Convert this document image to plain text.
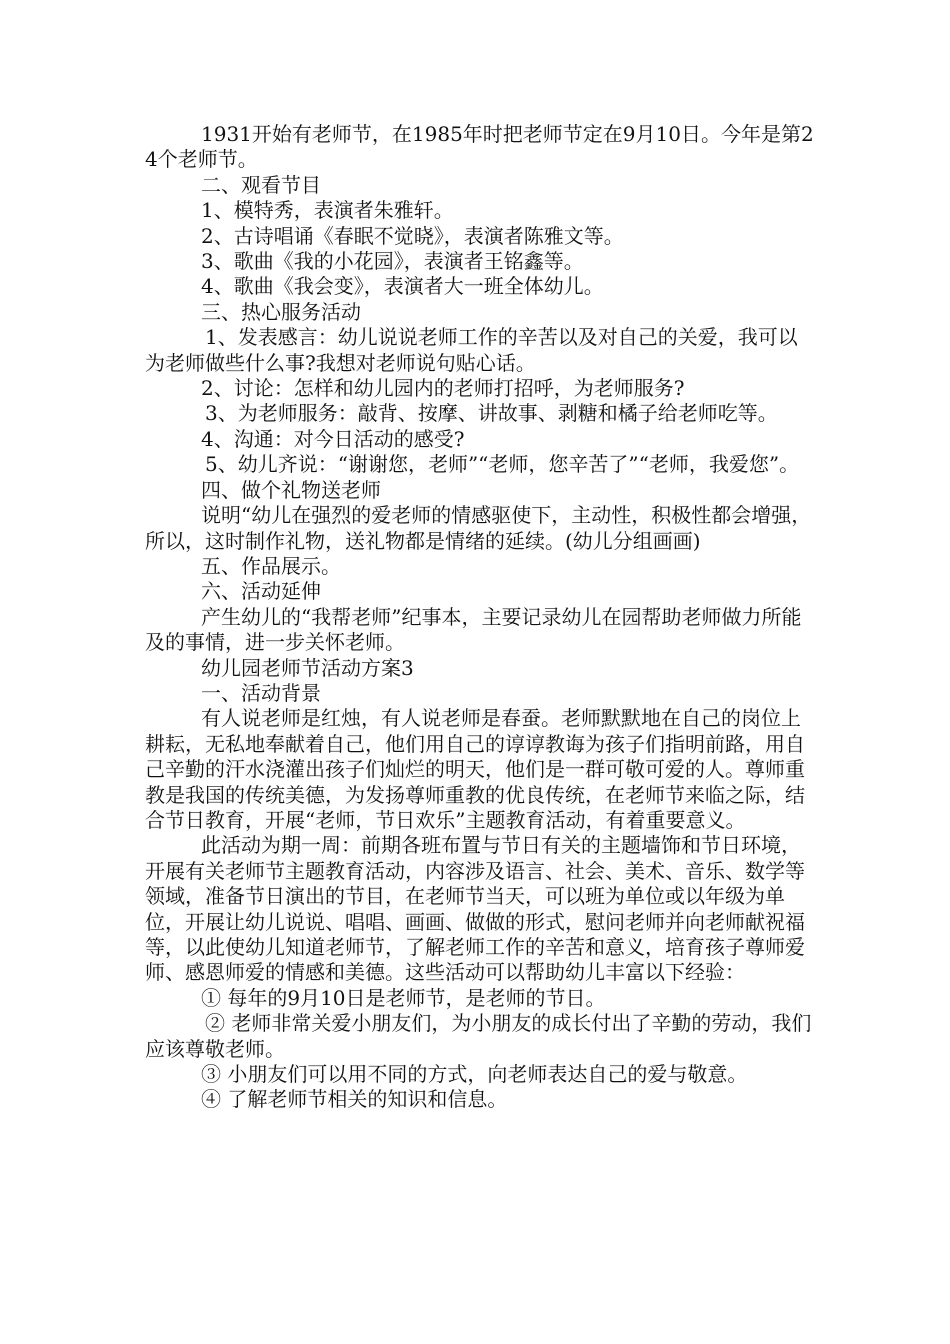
1931开始有老师节，在1985年时把老师节定在9月10日。今年是第24个老师节。

二、观看节目

1、模特秀，表演者朱雅轩。

2、古诗唱诵《春眠不觉晓》，表演者陈雅文等。

3、歌曲《我的小花园》，表演者王铭鑫等。

4、歌曲《我会变》，表演者大一班全体幼儿。

三、热心服务活动

1、发表感言：幼儿说说老师工作的辛苦以及对自己的关爱，我可以为老师做些什么事?我想对老师说句贴心话。

2、讨论：怎样和幼儿园内的老师打招呼，为老师服务?

3、为老师服务：敲背、按摩、讲故事、剥糖和橘子给老师吃等。

4、沟通：对今日活动的感受?

5、幼儿齐说：“谢谢您，老师”“老师，您辛苦了”“老师，我爱您”。

四、做个礼物送老师

说明“幼儿在强烈的爱老师的情感驱使下，主动性，积极性都会增强，所以，这时制作礼物，送礼物都是情绪的延续。(幼儿分组画画)

五、作品展示。

六、活动延伸

产生幼儿的“我帮老师”纪事本，主要记录幼儿在园帮助老师做力所能及的事情，进一步关怀老师。

幼儿园老师节活动方案3

一、活动背景

有人说老师是红烛，有人说老师是春蚕。老师默默地在自己的岗位上耕耘，无私地奉献着自己，他们用自己的谆谆教诲为孩子们指明前路，用自己辛勤的汗水浇灌出孩子们灿烂的明天，他们是一群可敬可爱的人。尊师重教是我国的传统美德，为发扬尊师重教的优良传统，在老师节来临之际，结合节日教育，开展“老师，节日欢乐”主题教育活动，有着重要意义。

此活动为期一周：前期各班布置与节日有关的主题墙饰和节日环境，开展有关老师节主题教育活动，内容涉及语言、社会、美术、音乐、数学等领域，准备节日演出的节目，在老师节当天，可以班为单位或以年级为单位，开展让幼儿说说、唱唱、画画、做做的形式，慰问老师并向老师献祝福等，以此使幼儿知道老师节，了解老师工作的辛苦和意义，培育孩子尊师爱师、感恩师爱的情感和美德。这些活动可以帮助幼儿丰富以下经验：

① 每年的9月10日是老师节，是老师的节日。

② 老师非常关爱小朋友们，为小朋友的成长付出了辛勤的劳动，我们应该尊敬老师。

③ 小朋友们可以用不同的方式，向老师表达自己的爱与敬意。

④ 了解老师节相关的知识和信息。
